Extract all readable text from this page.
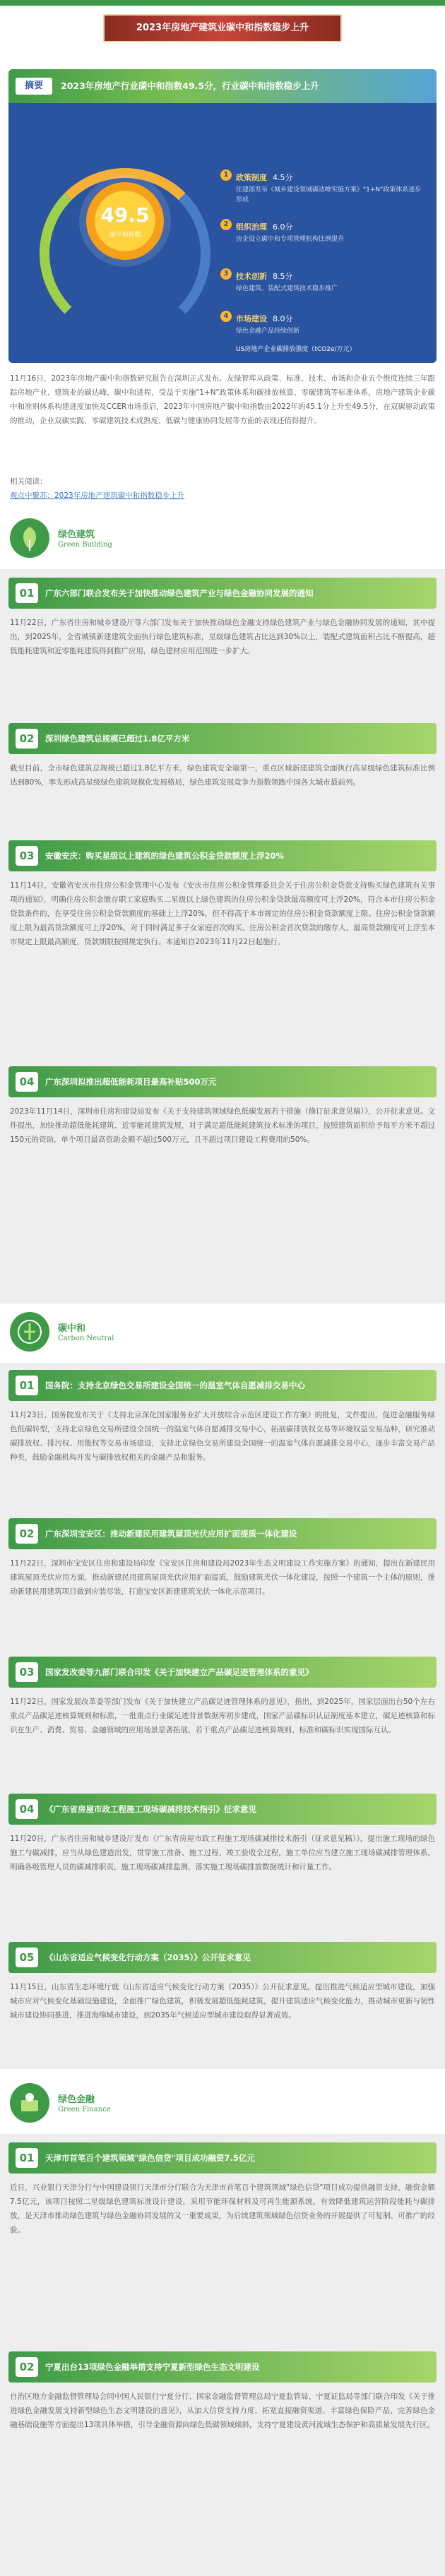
2023年房地产建筑业碳中和指数稳步上升
摘要	2023年房地产行业碳中和指数49.5分，行业碳中和指数稳步上升
49.5
碳中和指数
1 政策制度 4.5分
住建部发布《城乡建设领域碳达峰实施方案》"1+N"政策体系逐步形成
2 组织治理 6.0分
房企设立碳中和专项管理机构比例提升
3 技术创新 8.5分
绿色建筑、装配式建筑技术稳步推广
4 市场建设 8.0分
绿色金融产品持续创新
US房地产企业碳排放强度（tCO2e/万元）
11月16日，2023年房地产碳中和指数研究报告在深圳正式发布。友绿智库从政策、标准、技术、市场和企业五个维度连续三年跟踪房地产业、建筑业的碳达峰、碳中和进程，受益于实施"1+N"政策体系和碳排放核算、零碳建筑等标准体系，房地产建筑企业碳中和准则体系构建进度加快及CCER市场重启，2023年中国房地产碳中和指数由2022年的45.1分上升至49.5分，在双碳驱动政策的推动，企业双碳实践、零碳建筑技术成熟度、低碳与健康协同发展等方面的表现还值得提升。
相关阅读：
观点中聚苏：2023年房地产建筑碳中和指数稳步上升
绿色建筑
Green Building
01	广东六部门联合发布关于加快推动绿色建筑产业与绿色金融协同发展的通知
11月22日，广东省住房和城乡建设厅等六部门发布关于加快推动绿色金融支持绿色建筑产业与绿色金融协同发展的通知，其中提出，到2025年，全省城镇新建建筑全面执行绿色建筑标准，星级绿色建筑占比达到30%以上，装配式建筑面积占比不断提高，超低能耗建筑和近零能耗建筑得到推广应用，绿色建材应用范围进一步扩大。
02	深圳绿色建筑总规模已超过1.8亿平方米
截至目前，全市绿色建筑总规模已超过1.8亿平方米，绿色建筑安全端第一，重点区域新建建筑全面执行高星级绿色建筑标准比例达到80%，率先形成高星级绿色建筑规模化发展格局，绿色建筑发展竞争力指数领跑中国各大城市最前列。
03	安徽安庆：购买星级以上建筑的绿色建筑公积金贷款额度上浮20%
11月14日，安徽省安庆市住房公积金管理中心发布《安庆市住房公积金管理委员会关于住房公积金贷款支持购买绿色建筑有关事项的通知》，明确住房公积金缴存职工家庭购买二星级以上绿色建筑的住房公积金贷款最高额度可上浮20%，符合本市住房公积金贷款条件的，在享受住房公积金贷款额度的基础上上浮20%，但不得高于本市规定的住房公积金贷款额度上限。住房公积金贷款额度上限为最高贷款额度可上浮20%，对于同时满足多子女家庭首次购买、住房公积金首次贷款的缴存人，最高贷款额度可上浮至本市规定上限最高额度，贷款期限按照规定执行。本通知自2023年11月22日起施行。
04	广东深圳拟推出超低能耗项目最高补贴500万元
2023年11月14日，深圳市住房和建设局发布《关于支持建筑领域绿色低碳发展若干措施（修订征求意见稿）》，公开征求意见。文件提出，加快推动超低能耗建筑、近零能耗建筑发展，对于满足超低能耗建筑技术标准的项目，按照建筑面积给予每平方米不超过150元的资助，单个项目最高资助金额不超过500万元，且不超过项目建设工程费用的50%。
碳中和
Carbon Neutral
01	国务院：支持北京绿色交易所建设全国统一的温室气体自愿减排交易中心
11月23日，国务院发布关于《支持北京深化国家服务业扩大开放综合示范区建设工作方案》的批复，文件提出，促进金融服务绿色低碳转型，支持北京绿色交易所建设全国统一的温室气体自愿减排交易中心，拓展碳排放权交易等环境权益交易品种，研究推动碳排放权、排污权、用能权等交易市场建设，支持北京绿色交易所建设全国统一的温室气体自愿减排交易中心，逐步丰富交易产品种类，鼓励金融机构开发与碳排放权相关的金融产品和服务。
02	广东深圳宝安区：推动新建民用建筑屋顶光伏应用扩面提质一体化建设
11月22日，深圳市宝安区住房和建设局印发《宝安区住房和建设局2023年生态文明建设工作实施方案》的通知，提出在新建民用建筑屋顶光伏应用方面，推动新建民用建筑屋顶光伏应用扩面提质，鼓励建筑光伏一体化建设，按照一个建筑一个主体的原则，推动新建民用建筑项目做到应装尽装，打造宝安区新建建筑光伏一体化示范项目。
03	国家发改委等九部门联合印发《关于加快建立产品碳足迹管理体系的意见》
11月22日，国家发展改革委等部门发布《关于加快建立产品碳足迹管理体系的意见》，指出，到2025年，国家层面出台50个左右重点产品碳足迹核算规则和标准，一批重点行业碳足迹背景数据库初步建成，国家产品碳标识认证制度基本建立，碳足迹核算和标识在生产、消费、贸易、金融领域的应用场景显著拓展，若干重点产品碳足迹核算规则、标准和碳标识实现国际互认。
04	《广东省房屋市政工程施工现场碳减排技术指引》征求意见
11月20日，广东省住房和城乡建设厅发布《广东省房屋市政工程施工现场碳减排技术指引（征求意见稿）》，提出施工现场的绿色施工与碳减排，应当从绿色建造出发，贯穿施工准备、施工过程、竣工验收全过程，施工单位应当建立施工现场碳减排管理体系，明确各级管理人员的碳减排职责，施工现场碳减排监测，落实施工现场碳排放数据统计和计量工作。
05	《山东省适应气候变化行动方案（2035）》公开征求意见
11月15日，山东省生态环境厅就《山东省适应气候变化行动方案（2035）》公开征求意见。提出推进气候适应型城市建设，加强城市应对气候变化基础设施建设，全面推广绿色建筑，积极发展超低能耗建筑，提升建筑适应气候变化能力，推动城市更新与韧性城市建设协同推进，推进海绵城市建设，到2035年气候适应型城市建设取得显著成效。
绿色金融
Green Finance
01	天津市首笔百个建筑领域"绿色信贷"项目成功融资7.5亿元
近日，兴业银行天津分行与中国建设银行天津市分行联合为天津市首笔百个建筑领域"绿色信贷"项目成功提供融资支持，融资金额7.5亿元，该项目按照二星级绿色建筑标准设计建设，采用节能环保材料及可再生能源系统，有效降低建筑运营阶段能耗与碳排放，是天津市推动绿色建筑与绿色金融协同发展的又一重要成果，为后续建筑领域绿色信贷业务的开展提供了可复制、可推广的经验。
02	宁夏出台13项绿色金融举措支持宁夏新型绿色生态文明建设
自治区地方金融监督管理局会同中国人民银行宁夏分行、国家金融监督管理总局宁夏监管局、宁夏证监局等部门联合印发《关于推进绿色金融发展支持新型绿色生态文明建设的意见》，从加大信贷支持力度、拓宽直接融资渠道、丰富绿色保险产品、完善绿色金融基础设施等方面提出13项具体举措，引导金融资源向绿色低碳领域倾斜，支持宁夏建设黄河流域生态保护和高质量发展先行区。
